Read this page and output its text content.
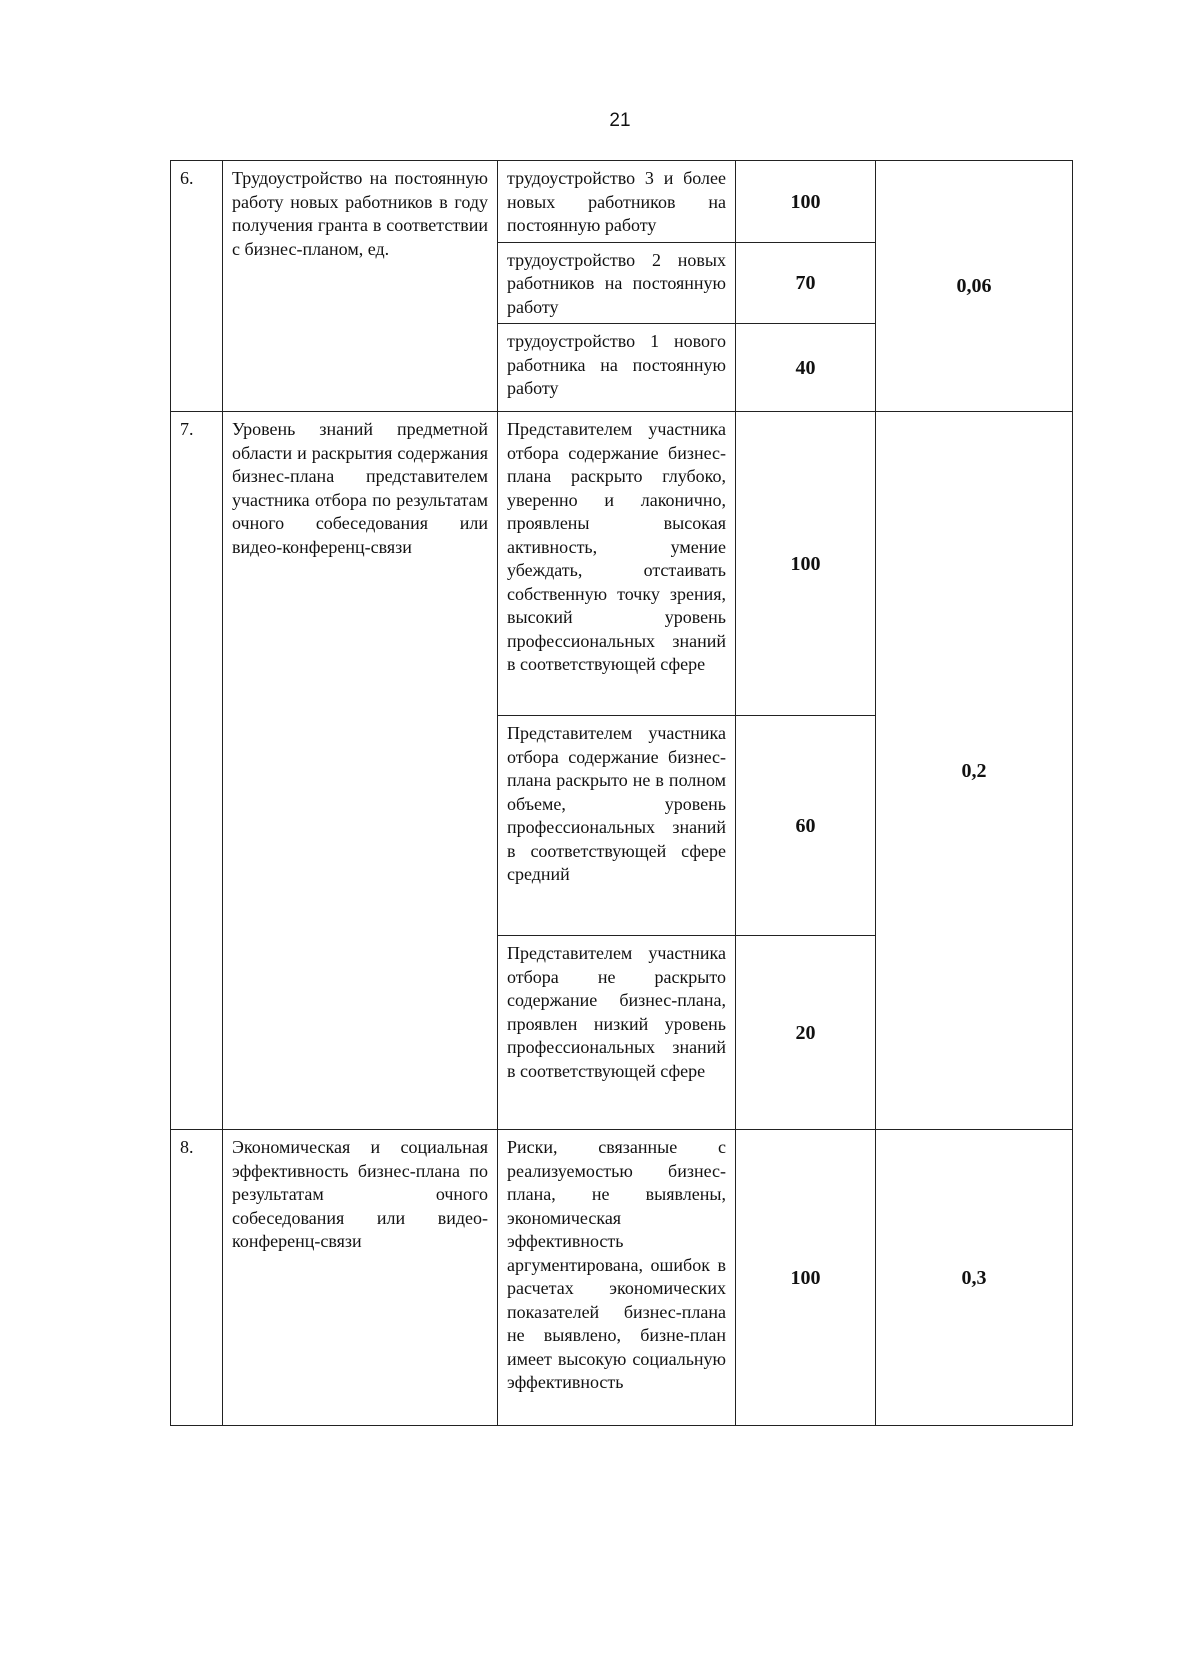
21
6.	Трудоустройство на постоянную работу новых работников в году получения гранта в соответствии с бизнес-планом, ед.	трудоустройство 3 и более новых работников на постоянную работу	100	0,06
		трудоустройство 2 новых работников на постоянную работу	70	
		трудоустройство 1 нового работника на постоянную работу	40	
7.	Уровень знаний предметной области и раскрытия содержания бизнес-плана представителем участника отбора по результатам очного собеседования или видео-конференц-связи	Представителем участника отбора содержание бизнес-плана раскрыто глубоко, уверенно и лаконично, проявлены высокая активность, умение убеждать, отстаивать собственную точку зрения, высокий уровень профессиональных знаний в соответствующей сфере	100	0,2
		Представителем участника отбора содержание бизнес-плана раскрыто не в полном объеме, уровень профессиональных знаний в соответствующей сфере средний	60	
		Представителем участника отбора не раскрыто содержание бизнес-плана, проявлен низкий уровень профессиональных знаний в соответствующей сфере	20	
8.	Экономическая и социальная эффективность бизнес-плана по результатам очного собеседования или видео-конференц-связи	Риски, связанные с реализуемостью бизнес-плана, не выявлены, экономическая эффективность аргументирована, ошибок в расчетах экономических показателей бизнес-плана не выявлено, бизне-план имеет высокую социальную эффективность	100	0,3
